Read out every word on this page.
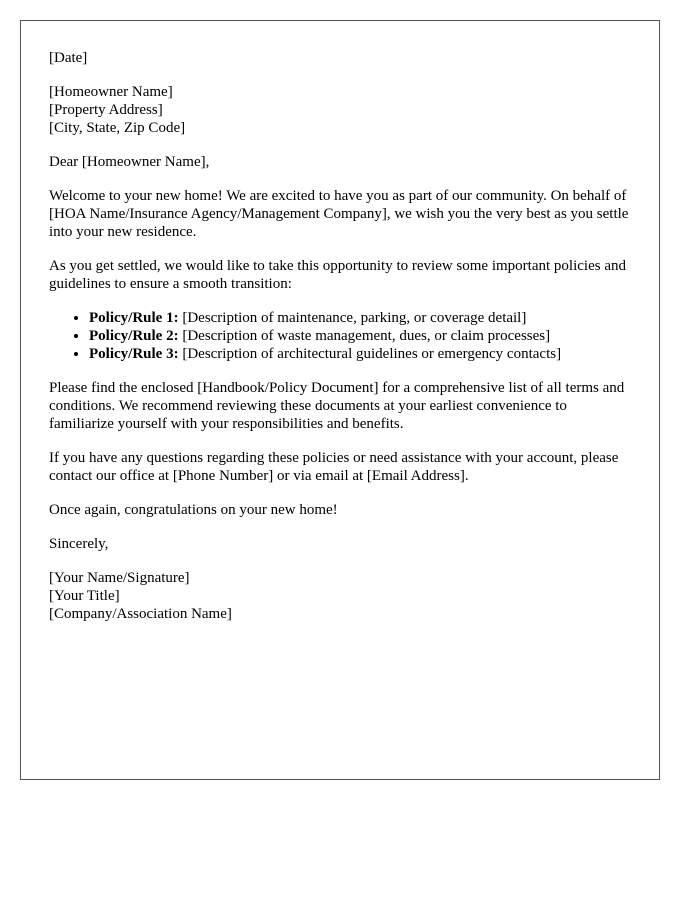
[Date]

[Homeowner Name]
[Property Address]
[City, State, Zip Code]

Dear [Homeowner Name],

Welcome to your new home! We are excited to have you as part of our community. On behalf of [HOA Name/Insurance Agency/Management Company], we wish you the very best as you settle into your new residence.

As you get settled, we would like to take this opportunity to review some important policies and guidelines to ensure a smooth transition:

• Policy/Rule 1: [Description of maintenance, parking, or coverage detail]
• Policy/Rule 2: [Description of waste management, dues, or claim processes]
• Policy/Rule 3: [Description of architectural guidelines or emergency contacts]

Please find the enclosed [Handbook/Policy Document] for a comprehensive list of all terms and conditions. We recommend reviewing these documents at your earliest convenience to familiarize yourself with your responsibilities and benefits.

If you have any questions regarding these policies or need assistance with your account, please contact our office at [Phone Number] or via email at [Email Address].

Once again, congratulations on your new home!

Sincerely,

[Your Name/Signature]
[Your Title]
[Company/Association Name]
